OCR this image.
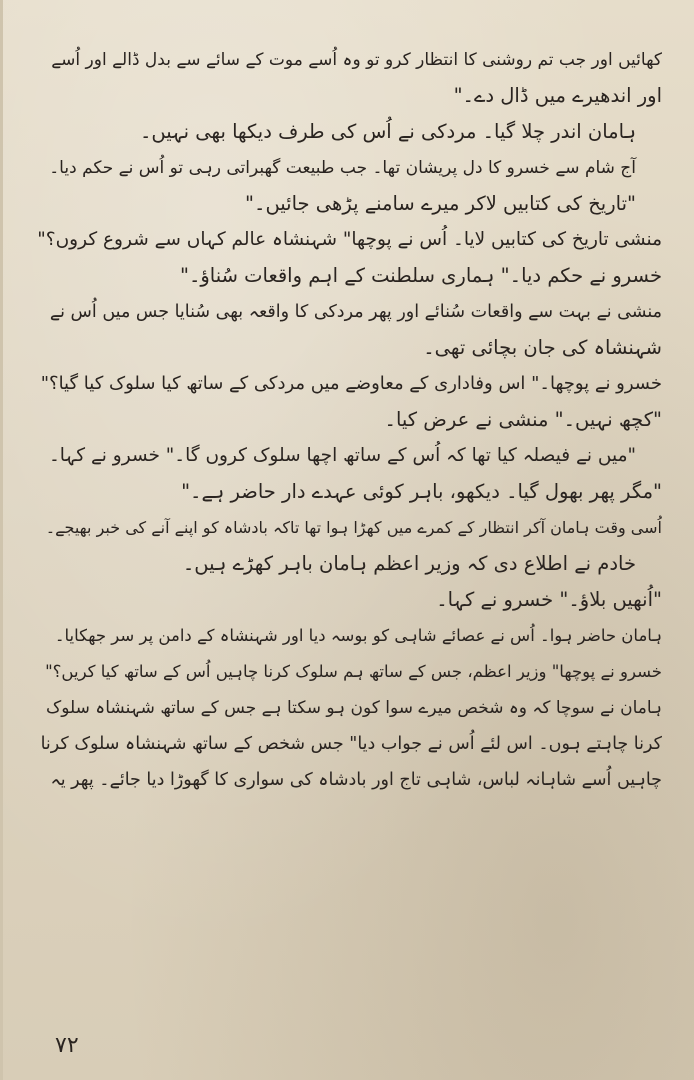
کھائیں اور جب تم روشنی کا انتظار کرو تو وہ اُسے موت کے سائے سے بدل ڈالے اور اُسے
اور اندھیرے میں ڈال دے۔"
ہامان اندر چلا گیا۔ مردکی نے اُس کی طرف دیکھا بھی نہیں۔
آج شام سے خسرو کا دل پریشان تھا۔ جب طبیعت گھبراتی رہی تو اُس نے حکم دیا۔
"تاریخ کی کتابیں لاکر میرے سامنے پڑھی جائیں۔"
منشی تاریخ کی کتابیں لایا۔ اُس نے پوچھا" شہنشاہ عالم کہاں سے شروع کروں؟"
خسرو نے حکم دیا۔" ہماری سلطنت کے اہم واقعات سُناؤ۔"
منشی نے بہت سے واقعات سُنائے اور پھر مردکی کا واقعہ بھی سُنایا جس میں اُس نے
شہنشاہ کی جان بچائی تھی۔
خسرو نے پوچھا۔" اس وفاداری کے معاوضے میں مردکی کے ساتھ کیا سلوک کیا گیا؟"
"کچھ نہیں۔" منشی نے عرض کیا۔
"میں نے فیصلہ کیا تھا کہ اُس کے ساتھ اچھا سلوک کروں گا۔" خسرو نے کہا۔
"مگر پھر بھول گیا۔ دیکھو، باہر کوئی عہدے دار حاضر ہے۔"
اُسی وقت ہامان آکر انتظار کے کمرے میں کھڑا ہوا تھا تاکہ بادشاہ کو اپنے آنے کی خبر بھیجے۔
خادم نے اطلاع دی کہ وزیر اعظم ہامان باہر کھڑے ہیں۔
"اُنھیں بلاؤ۔" خسرو نے کہا۔
ہامان حاضر ہوا۔ اُس نے عصائے شاہی کو بوسہ دیا اور شہنشاہ کے دامن پر سر جھکایا۔
خسرو نے پوچھا" وزیر اعظم، جس کے ساتھ ہم سلوک کرنا چاہیں اُس کے ساتھ کیا کریں؟"
ہامان نے سوچا کہ وہ شخص میرے سوا کون ہو سکتا ہے جس کے ساتھ شہنشاہ سلوک
کرنا چاہتے ہوں۔ اس لئے اُس نے جواب دیا" جس شخص کے ساتھ شہنشاہ سلوک کرنا
چاہیں اُسے شاہانہ لباس، شاہی تاج اور بادشاہ کی سواری کا گھوڑا دیا جائے۔ پھر یہ
۷۲
